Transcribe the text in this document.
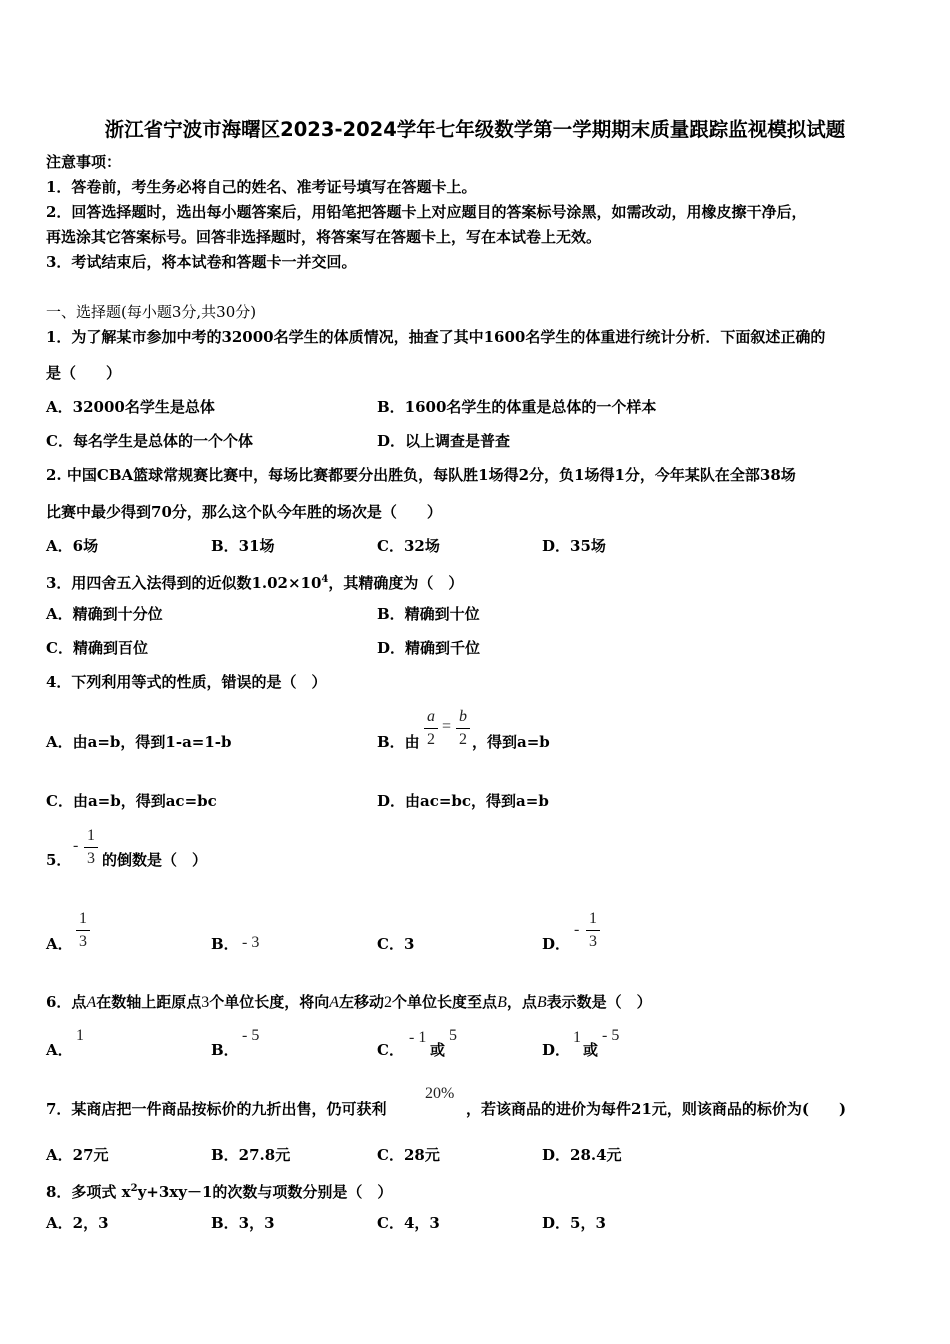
浙江省宁波市海曙区2023-2024学年七年级数学第一学期期末质量跟踪监视模拟试题
注意事项：
1．答卷前，考生务必将自己的姓名、准考证号填写在答题卡上。
2．回答选择题时，选出每小题答案后，用铅笔把答题卡上对应题目的答案标号涂黑，如需改动，用橡皮擦干净后，
再选涂其它答案标号。回答非选择题时，将答案写在答题卡上，写在本试卷上无效。
3．考试结束后，将本试卷和答题卡一并交回。
一、选择题(每小题3分,共30分)
1．为了解某市参加中考的32000名学生的体质情况，抽查了其中1600名学生的体重进行统计分析．下面叙述正确的
是（　　）
A．32000名学生是总体	B．1600名学生的体重是总体的一个样本
C．每名学生是总体的一个个体	D．以上调查是普查
2. 中国CBA篮球常规赛比赛中，每场比赛都要分出胜负，每队胜1场得2分，负1场得1分，今年某队在全部38场
比赛中最少得到70分，那么这个队今年胜的场次是（　　）
A．6场	B．31场	C．32场	D．35场
3．用四舍五入法得到的近似数$1.02\times 10^4$，其精确度为（　）
A．精确到十分位	B．精确到十位
C．精确到百位	D．精确到千位
4．下列利用等式的性质，错误的是（　）
A．由a=b，得到1-a=1-b	B．由
a
2
=
b
2 ，得到a=b
C．由a=b，得到ac=bc	D．由ac=bc，得到a=b
5．
-
1
3 的倒数是（　）
A．
1
3	B． - 3	C．3	D．
-
1
3
6．点A在数轴上距原点3个单位长度，将向A左移动2个单位长度至点B，点B表示数是（　）
A．
1
B．
- 5
C．
- 1
或
5
D．
1
或
- 5
7．某商店把一件商品按标价的九折出售，仍可获利
20%
，若该商品的进价为每件21元，则该商品的标价为(　　)
A．27元	B．27.8元	C．28元	D．28.4元
8．多项式 $x^2y+3xy-1$的次数与项数分别是（　）
A．2，3	B．3，3	C．4，3	D．5，3
